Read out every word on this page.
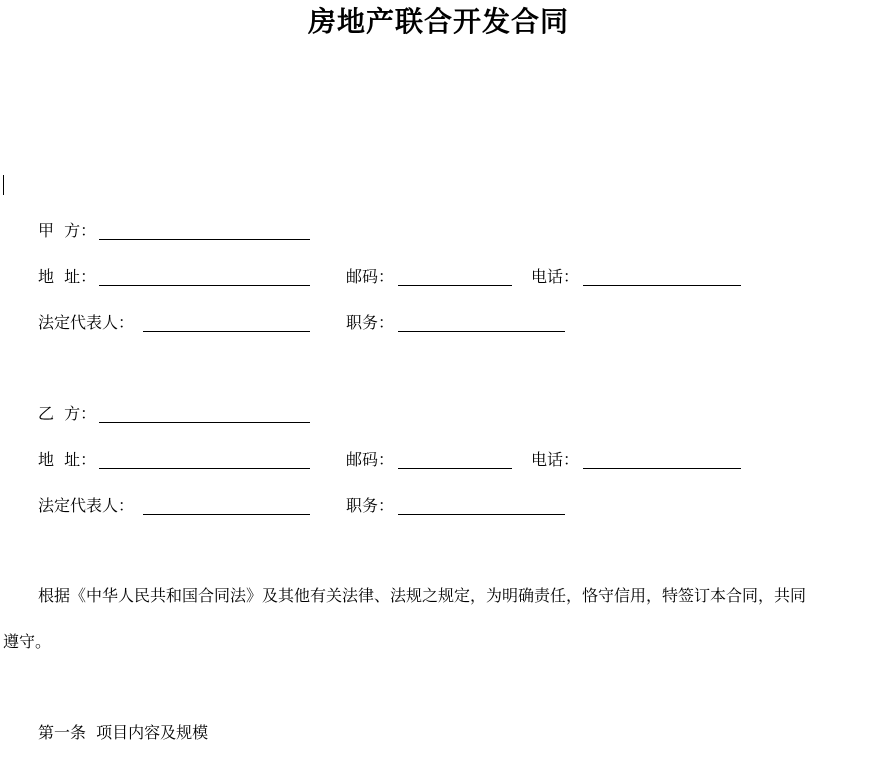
房地产联合开发合同
甲  方：
地  址：	邮码：	电话：
法定代表人：	职务：
乙  方：
地  址：	邮码：	电话：
法定代表人：	职务：
根据《中华人民共和国合同法》及其他有关法律、法规之规定，为明确责任，恪守信用，特签订本合同，共同
遵守。
第一条  项目内容及规模
